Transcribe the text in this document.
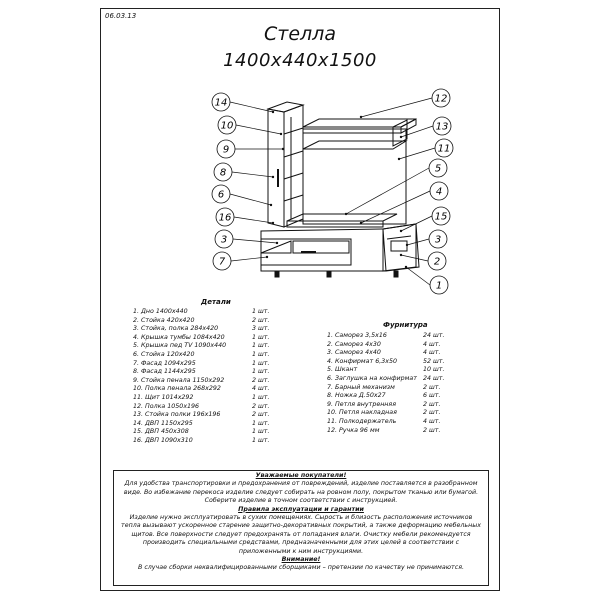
06.03.13
Стелла
1400х440х1500
14
10
9
8
6
16
3
7
12
13
11
5
4
15
3
2
1
Детали
1. Дно 1400х440	1 шт.
2. Стойка 420х420	2 шт.
3. Стойка, полка 284х420	3 шт.
4. Крышка тумбы 1084х420	1 шт.
5. Крышка пед TV 1090х440	1 шт.
6. Стойка 120х420	1 шт.
7. Фасад 1094х295	1 шт.
8. Фасад 1144х295	1 шт.
9. Стойка пенала 1150х292	2 шт.
10. Полка пенала 268х292	4 шт.
11. Щит 1014х292	1 шт.
12. Полка 1050х196	2 шт.
13. Стойка полки 196х196	2 шт.
14. ДВП 1150х295	1 шт.
15. ДВП 450х308	1 шт.
16. ДВП 1090х310	1 шт.
Фурнитура
1. Саморез 3,5х16	24 шт.
2. Саморез 4х30	4 шт.
3. Саморез 4х40	4 шт.
4. Конфирмат 6,3х50	52 шт.
5. Шкант	10 шт.
6. Заглушка на конфирмат 24 шт.
7. Барный механизм	2 шт.
8. Ножка Д.50х27	6 шт.
9. Петля внутренняя	2 шт.
10. Петля накладная	2 шт.
11. Полкодержатель	4 шт.
12. Ручка 96 мм	2 шт.
Уважаемые покупатели!
Для удобства транспортировки и предохранения от повреждений, изделие поставляется в разобранном виде. Во избежание перекоса изделие следует собирать на ровном полу, покрытом тканью или бумагой. Соберите изделие в точном соответствии с инструкцией.
Правила эксплуатации и гарантии
Изделие нужно эксплуатировать в сухих помещениях. Сырость и близость расположения источников тепла вызывают ускоренное старение защитно-декоративных покрытий, а также деформацию мебельных щитов. Все поверхности следует предохранять от попадания влаги. Очистку мебели рекомендуется производить специальными средствами, предназначенными для этих целей в соответствии с приложенными к ним инструкциями.
Внимание!
В случае сборки неквалифицированными сборщиками – претензии по качеству не принимаются.
